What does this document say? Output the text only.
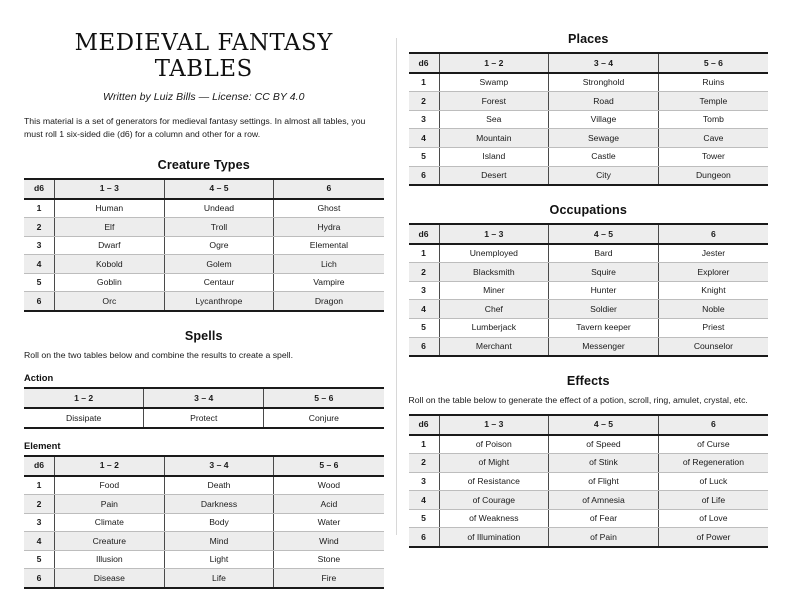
MEDIEVAL FANTASY TABLES

Written by Luiz Bills — License: CC BY 4.0

This material is a set of generators for medieval fantasy settings. In almost all tables, you must roll 1 six-sided die (d6) for a column and other for a row.

Creature Types
d6	1 – 3	4 – 5	6
1	Human	Undead	Ghost
2	Elf	Troll	Hydra
3	Dwarf	Ogre	Elemental
4	Kobold	Golem	Lich
5	Goblin	Centaur	Vampire
6	Orc	Lycanthrope	Dragon
Spells

Roll on the two tables below and combine the results to create a spell.

Action
1 – 2	3 – 4	5 – 6
Dissipate	Protect	Conjure
Element
d6	1 – 2	3 – 4	5 – 6
1	Food	Death	Wood
2	Pain	Darkness	Acid
3	Climate	Body	Water
4	Creature	Mind	Wind
5	Illusion	Light	Stone
6	Disease	Life	Fire
Places
d6	1 – 2	3 – 4	5 – 6
1	Swamp	Stronghold	Ruins
2	Forest	Road	Temple
3	Sea	Village	Tomb
4	Mountain	Sewage	Cave
5	Island	Castle	Tower
6	Desert	City	Dungeon
Occupations
d6	1 – 3	4 – 5	6
1	Unemployed	Bard	Jester
2	Blacksmith	Squire	Explorer
3	Miner	Hunter	Knight
4	Chef	Soldier	Noble
5	Lumberjack	Tavern keeper	Priest
6	Merchant	Messenger	Counselor
Effects

Roll on the table below to generate the effect of a potion, scroll, ring, amulet, crystal, etc.

d6	1 – 3	4 – 5	6
1	of Poison	of Speed	of Curse
2	of Might	of Stink	of Regeneration
3	of Resistance	of Flight	of Luck
4	of Courage	of Amnesia	of Life
5	of Weakness	of Fear	of Love
6	of Illumination	of Pain	of Power
